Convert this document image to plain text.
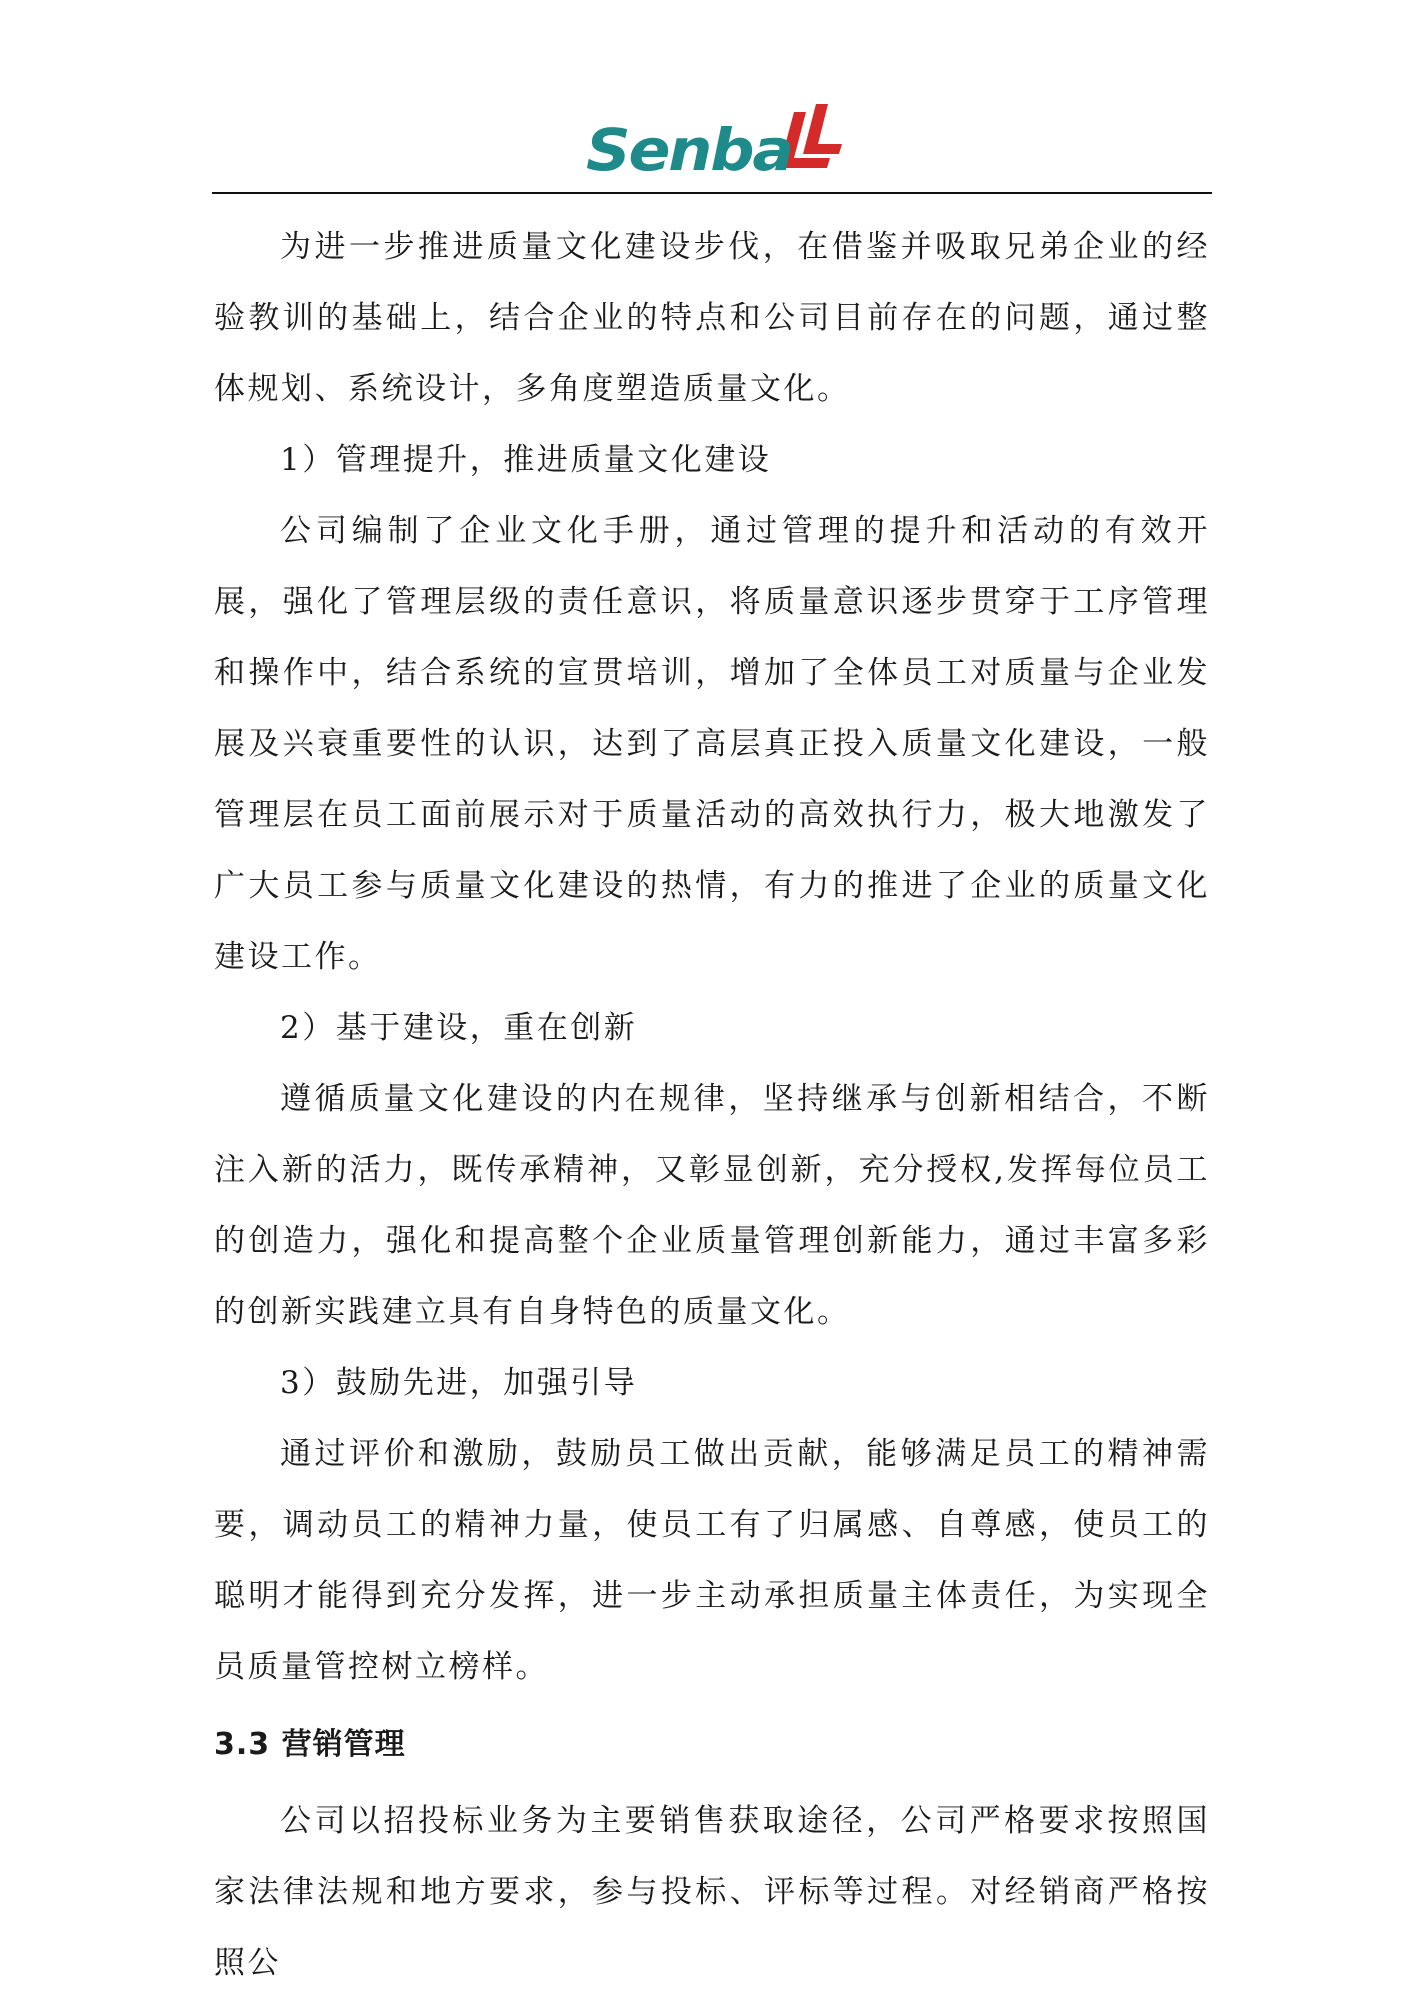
Senba

为进一步推进质量文化建设步伐，在借鉴并吸取兄弟企业的经验教训的基础上，结合企业的特点和公司目前存在的问题，通过整体规划、系统设计，多角度塑造质量文化。

1）管理提升，推进质量文化建设

公司编制了企业文化手册，通过管理的提升和活动的有效开展，强化了管理层级的责任意识，将质量意识逐步贯穿于工序管理和操作中，结合系统的宣贯培训，增加了全体员工对质量与企业发展及兴衰重要性的认识，达到了高层真正投入质量文化建设，一般管理层在员工面前展示对于质量活动的高效执行力，极大地激发了广大员工参与质量文化建设的热情，有力的推进了企业的质量文化建设工作。

2）基于建设，重在创新

遵循质量文化建设的内在规律，坚持继承与创新相结合，不断注入新的活力，既传承精神，又彰显创新，充分授权,发挥每位员工的创造力，强化和提高整个企业质量管理创新能力，通过丰富多彩的创新实践建立具有自身特色的质量文化。

3）鼓励先进，加强引导

通过评价和激励，鼓励员工做出贡献，能够满足员工的精神需要，调动员工的精神力量，使员工有了归属感、自尊感，使员工的聪明才能得到充分发挥，进一步主动承担质量主体责任，为实现全员质量管控树立榜样。

3.3 营销管理

公司以招投标业务为主要销售获取途径，公司严格要求按照国家法律法规和地方要求，参与投标、评标等过程。对经销商严格按照公
